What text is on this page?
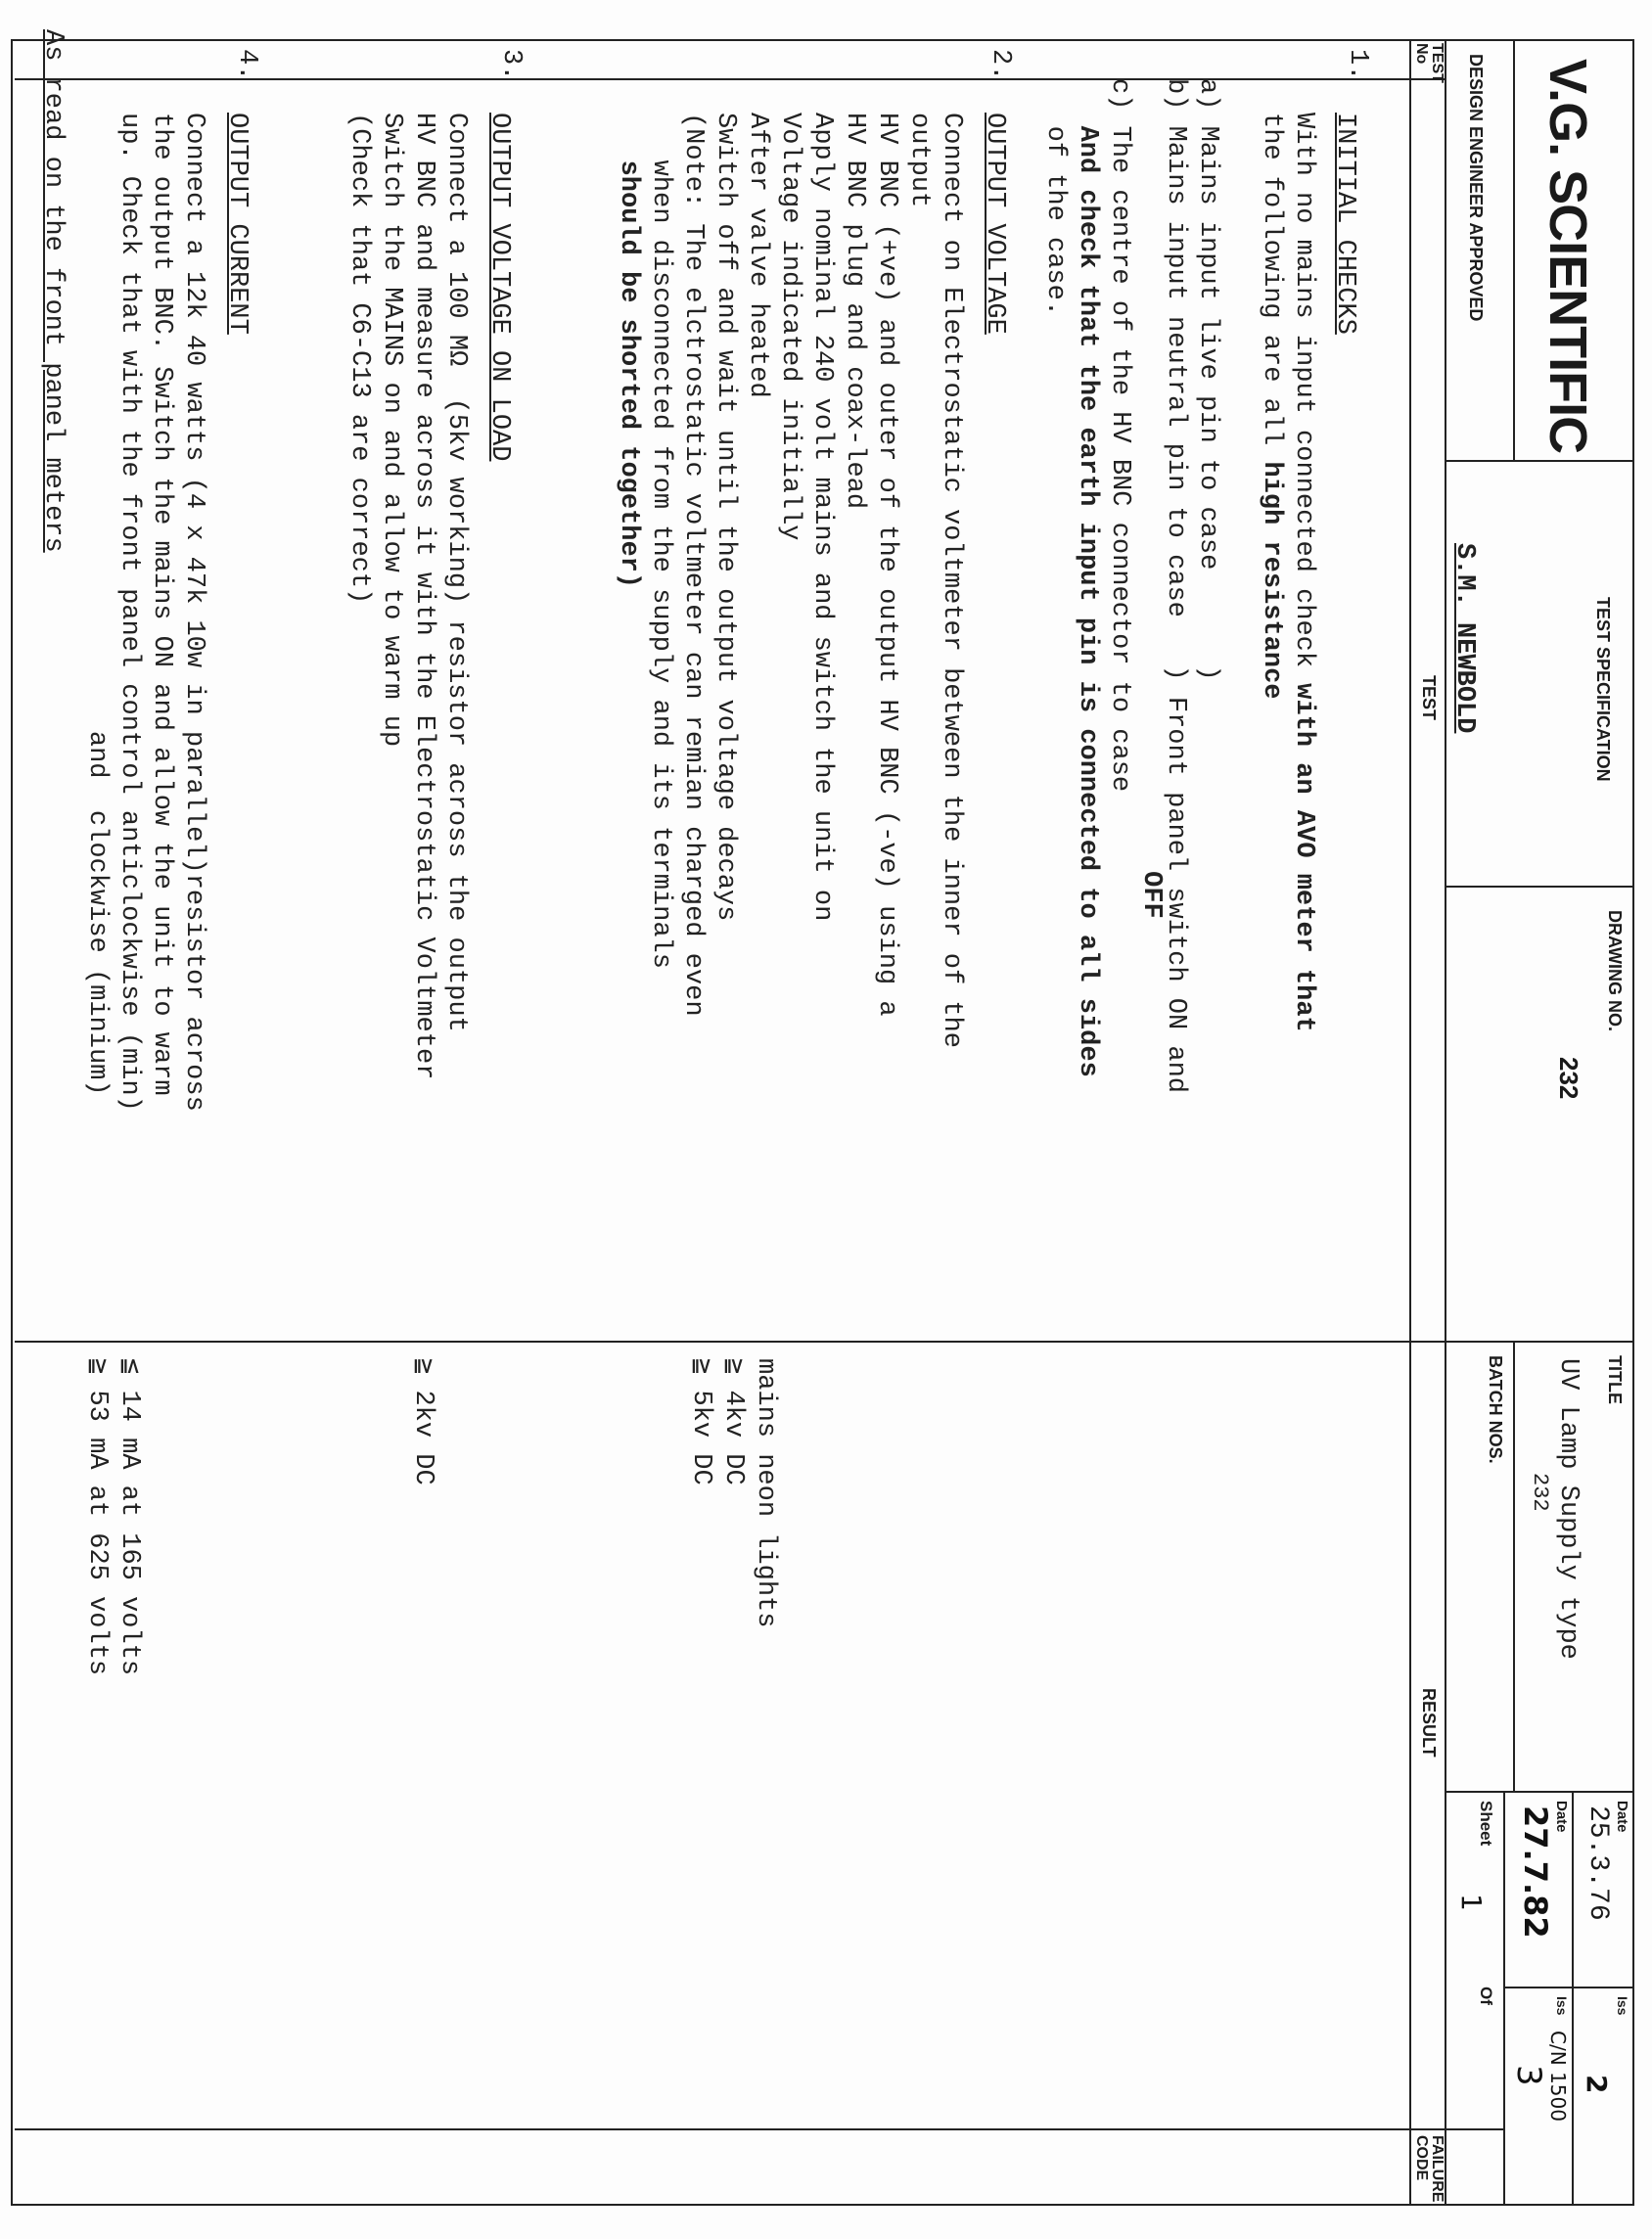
V.G. SCIENTIFIC
DESIGN ENGINEER APPROVED
S.M. NEWBOLD	TEST SPECIFICATION
DRAWING NO.
232
TITLE
UV Lamp Supply type
232
BATCH NOS.
Date
25.3.76
Iss
2
Date
27.7.82
Iss
C/N 1500
3
Sheet
1
Of
TEST No
TEST
RESULT
FAILURE CODE
1.
INITIAL CHECKS
With no mains input connected check with an AVO meter that
the following are all high resistance
a) Mains input live pin to case      )
b) Mains input neutral pin to case   ) Front panel switch ON and
OFF
c) The centre of the HV BNC connector to case
And check that the earth input pin is connected to all sides
of the case.
2.
OUTPUT VOLTAGE
Connect on Electrostatic voltmeter between the inner of the
output
HV BNC (+ve) and outer of the output HV BNC (-ve) using a
HV BNC plug and coax-lead
Apply nominal 240 volt mains and switch the unit on
Voltage indicated initially
After valve heated
Switch off and wait until the output voltage decays
(Note: The elctrostatic voltmeter can remian charged even
when disconnected from the supply and its terminals
should be shorted together)
mains neon lights
≧ 4kv DC
≧ 5kv DC
3.
OUTPUT VOLTAGE ON LOAD
Connect a 100 MΩ  (5kv working) resistor across the output
HV BNC and measure across it with the Electrostatic Voltmeter
Switch the MAINS on and allow to warm up
(Check that C6-C13 are correct)
≧ 2kv DC
4.
OUTPUT CURRENT
Connect a 12k 40 watts (4 x 47k 10w in parallel)resistor across
the output BNC. Switch the mains ON and allow the unit to warm
up. Check that with the front panel control anticlockwise (min)
and  clockwise (minium)
As read on the front panel meters
≦ 14 mA at 165 volts
≧ 53 mA at 625 volts
